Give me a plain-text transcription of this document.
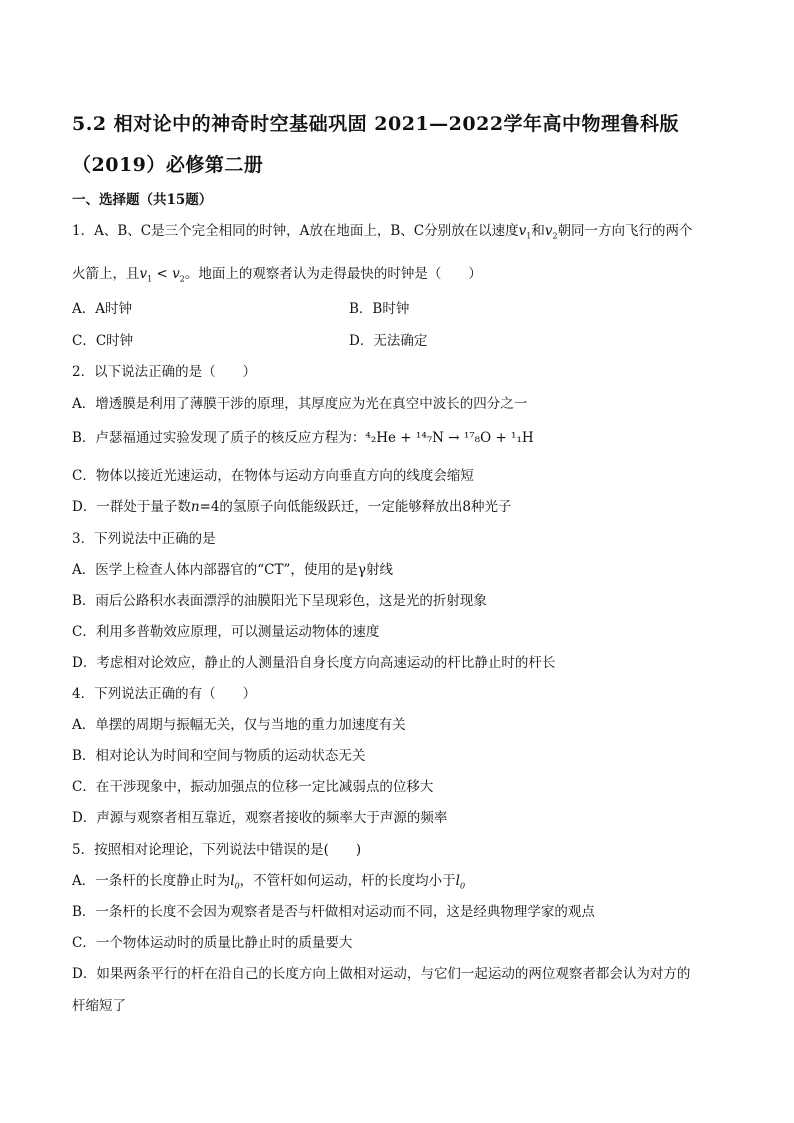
5.2 相对论中的神奇时空基础巩固 2021—2022学年高中物理鲁科版
（2019）必修第二册
一、选择题（共15题）
1．A、B、C是三个完全相同的时钟，A放在地面上，B、C分别放在以速度$v_1$和$v_2$朝同一方向飞行的两个
火箭上，且$v_1 < v_2$。地面上的观察者认为走得最快的时钟是（　　）
A．A时钟	B．B时钟
C．C时钟	D．无法确定
2．以下说法正确的是（　　）
A．增透膜是利用了薄膜干涉的原理，其厚度应为光在真空中波长的四分之一
B．卢瑟福通过实验发现了质子的核反应方程为：⁴₂He + ¹⁴₇N → ¹⁷₈O + ¹₁H
C．物体以接近光速运动，在物体与运动方向垂直方向的线度会缩短
D．一群处于量子数n=4的氢原子向低能级跃迁，一定能够释放出8种光子
3．下列说法中正确的是
A．医学上检查人体内部器官的“CT”，使用的是γ射线
B．雨后公路积水表面漂浮的油膜阳光下呈现彩色，这是光的折射现象
C．利用多普勒效应原理，可以测量运动物体的速度
D．考虑相对论效应，静止的人测量沿自身长度方向高速运动的杆比静止时的杆长
4．下列说法正确的有（　　）
A．单摆的周期与振幅无关，仅与当地的重力加速度有关
B．相对论认为时间和空间与物质的运动状态无关
C．在干涉现象中，振动加强点的位移一定比减弱点的位移大
D．声源与观察者相互靠近，观察者接收的频率大于声源的频率
5．按照相对论理论，下列说法中错误的是(　　)
A．一条杆的长度静止时为$l_0$，不管杆如何运动，杆的长度均小于$l_0$
B．一条杆的长度不会因为观察者是否与杆做相对运动而不同，这是经典物理学家的观点
C．一个物体运动时的质量比静止时的质量要大
D．如果两条平行的杆在沿自己的长度方向上做相对运动，与它们一起运动的两位观察者都会认为对方的
杆缩短了
